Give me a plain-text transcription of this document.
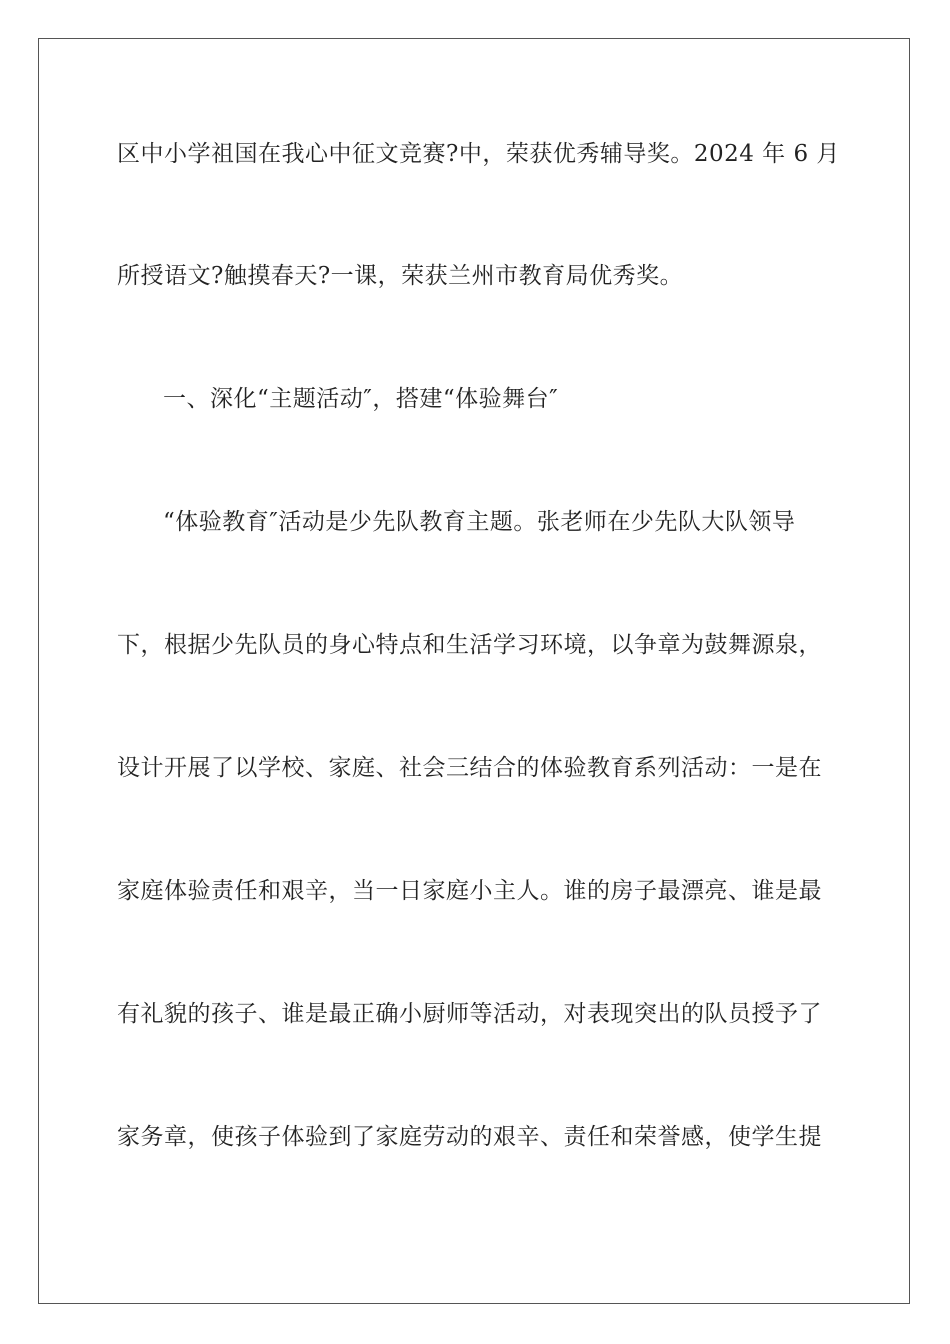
区中小学祖国在我心中征文竞赛?中，荣获优秀辅导奖。2024 年 6 月
所授语文?触摸春天?一课，荣获兰州市教育局优秀奖。
一、深化“主题活动″，搭建“体验舞台″
“体验教育″活动是少先队教育主题。张老师在少先队大队领导
下，根据少先队员的身心特点和生活学习环境，以争章为鼓舞源泉，
设计开展了以学校、家庭、社会三结合的体验教育系列活动：一是在
家庭体验责任和艰辛，当一日家庭小主人。谁的房子最漂亮、谁是最
有礼貌的孩子、谁是最正确小厨师等活动，对表现突出的队员授予了
家务章，使孩子体验到了家庭劳动的艰辛、责任和荣誉感，使学生提
